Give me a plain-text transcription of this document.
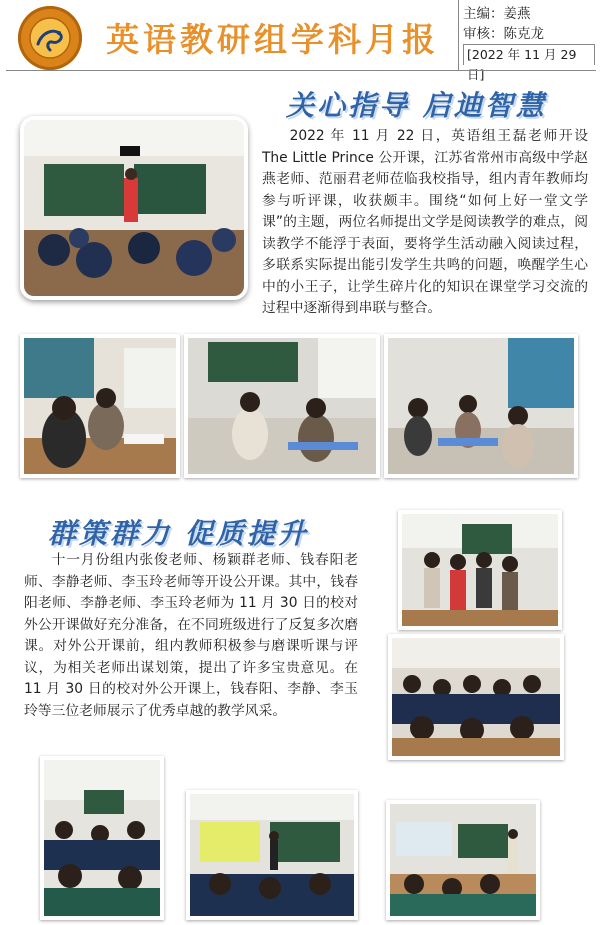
英语教研组学科月报
主编：姜燕
审核：陈克龙
[2022 年 11 月 29 日]
关心指导 启迪智慧
2022 年 11 月 22 日，英语组王磊老师开设 The Little Prince 公开课，江苏省常州市高级中学赵燕老师、范丽君老师莅临我校指导，组内青年教师均参与听评课，收获颇丰。围绕“如何上好一堂文学课”的主题，两位名师提出文学是阅读教学的难点，阅读教学不能浮于表面，要将学生活动融入阅读过程，多联系实际提出能引发学生共鸣的问题，唤醒学生心中的小王子，让学生碎片化的知识在课堂学习交流的过程中逐渐得到串联与整合。
群策群力 促质提升
十一月份组内张俊老师、杨颖群老师、钱春阳老师、李静老师、李玉玲老师等开设公开课。其中，钱春阳老师、李静老师、李玉玲老师为 11 月 30 日的校对外公开课做好充分准备，在不同班级进行了反复多次磨课。对外公开课前，组内教师积极参与磨课听课与评议，为相关老师出谋划策，提出了许多宝贵意见。在 11 月 30 日的校对外公开课上，钱春阳、李静、李玉玲等三位老师展示了优秀卓越的教学风采。
